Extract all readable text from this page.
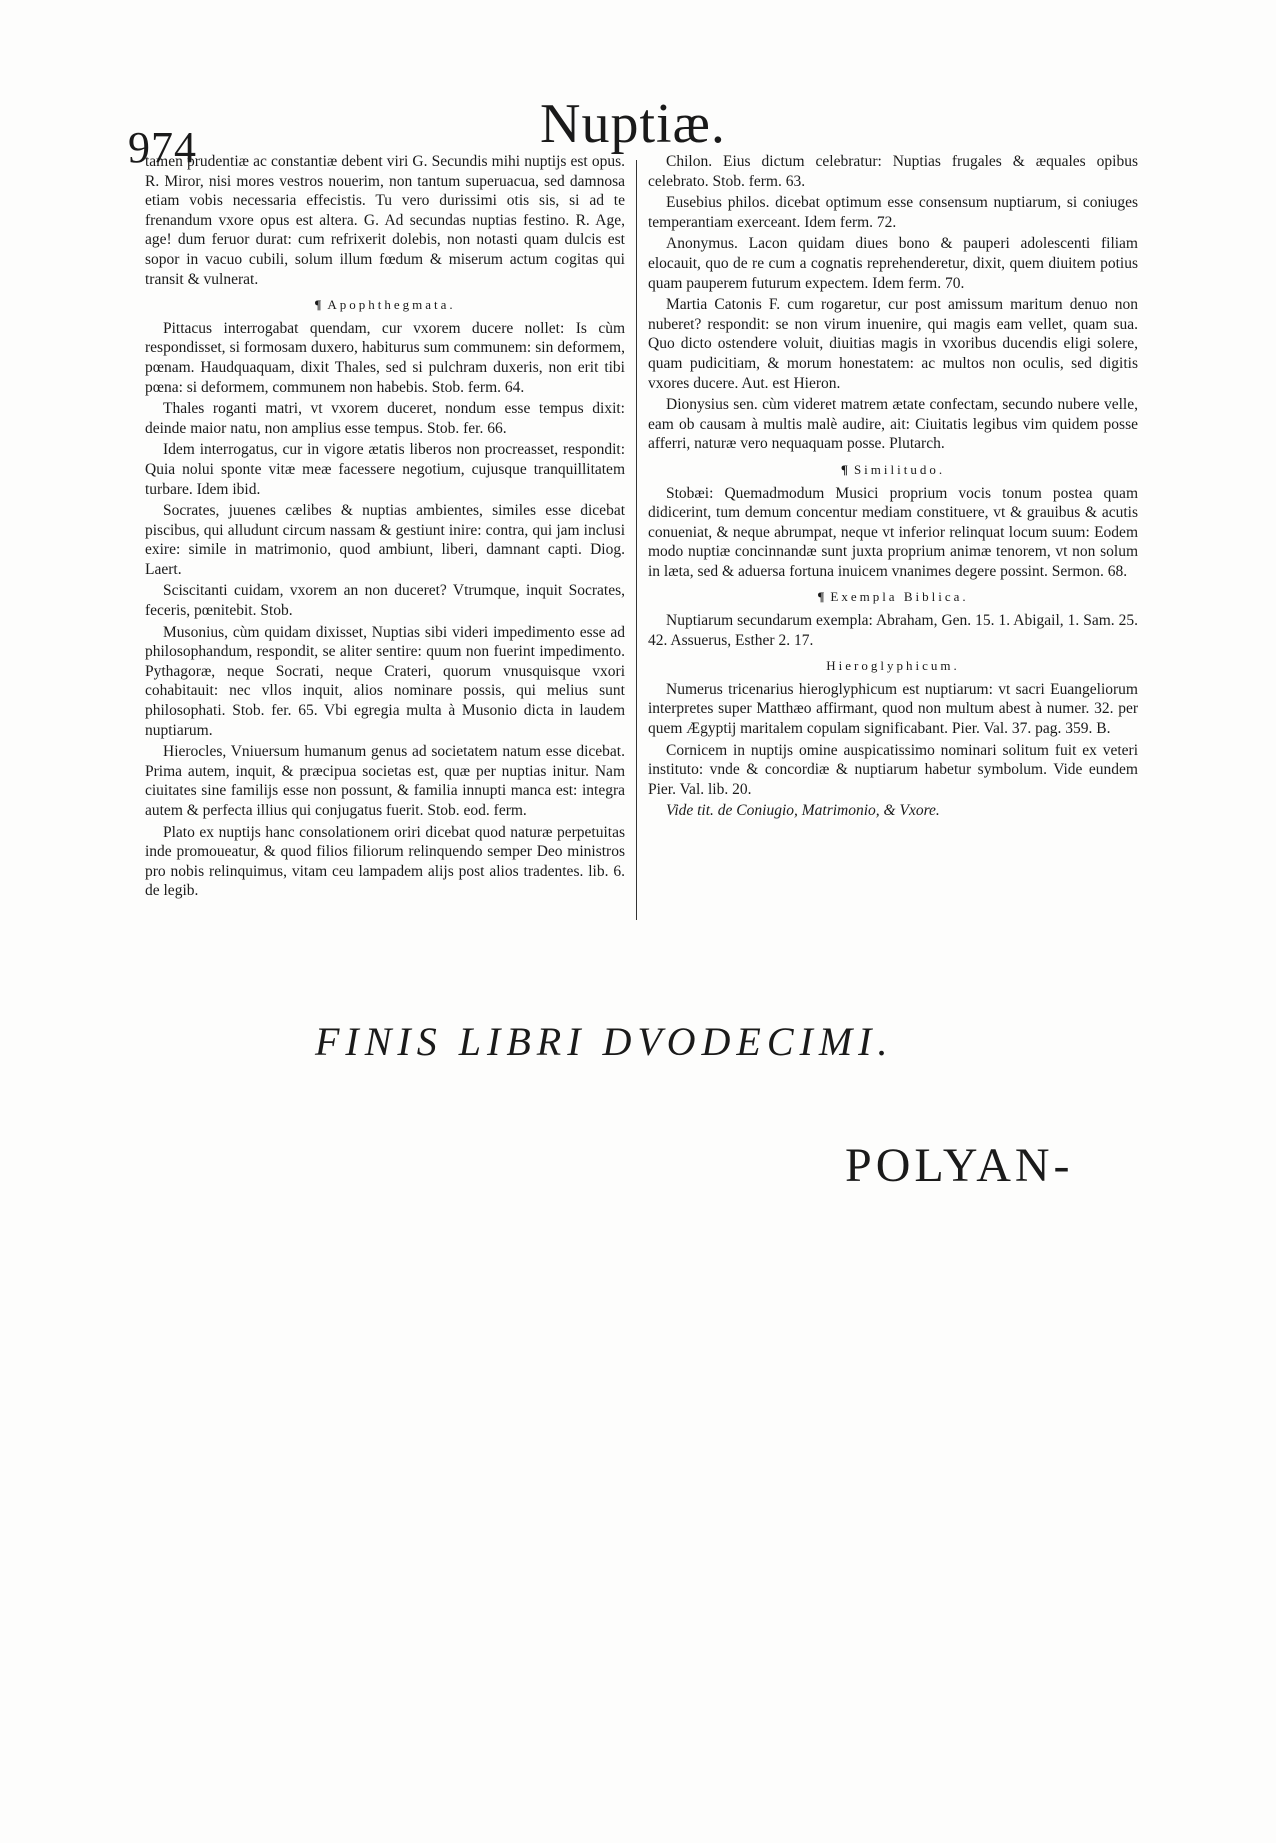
974	Nuptiæ.

tamen prudentiæ ac constantiæ debent viri G. Secundis mihi nuptijs est opus. R. Miror, nisi mores vestros nouerim, non tantum superuacua, sed damnosa etiam vobis necessaria effecistis. Tu vero durissimi otis sis, si ad te frenandum vxore opus est altera. G. Ad secundas nuptias festino. R. Age, age! dum feruor durat: cum refrixerit dolebis, non notasti quam dulcis est sopor in vacuo cubili, solum illum fœdum & miserum actum cogitas qui transit & vulnerat.

¶ Apophthegmata.

Pittacus interrogabat quendam, cur vxorem ducere nollet: Is cùm respondisset, si formosam duxero, habiturus sum communem: sin deformem, pœnam. Haudquaquam, dixit Thales, sed si pulchram duxeris, non erit tibi pœna: si deformem, communem non habebis. Stob. ferm. 64.

Thales roganti matri, vt vxorem duceret, nondum esse tempus dixit: deinde maior natu, non amplius esse tempus. Stob. fer. 66.

Idem interrogatus, cur in vigore ætatis liberos non procreasset, respondit: Quia nolui sponte vitæ meæ facessere negotium, cujusque tranquillitatem turbare. Idem ibid.

Socrates, juuenes cælibes & nuptias ambientes, similes esse dicebat piscibus, qui alludunt circum nassam & gestiunt inire: contra, qui jam inclusi exire: simile in matrimonio, quod ambiunt, liberi, damnant capti. Diog. Laert.

Sciscitanti cuidam, vxorem an non duceret? Vtrumque, inquit Socrates, feceris, pœnitebit. Stob.

Musonius, cùm quidam dixisset, Nuptias sibi videri impedimento esse ad philosophandum, respondit, se aliter sentire: quum non fuerint impedimento. Pythagoræ, neque Socrati, neque Crateri, quorum vnusquisque vxori cohabitauit: nec vllos inquit, alios nominare possis, qui melius sunt philosophati. Stob. fer. 65. Vbi egregia multa à Musonio dicta in laudem nuptiarum.

Hierocles, Vniuersum humanum genus ad societatem natum esse dicebat. Prima autem, inquit, & præcipua societas est, quæ per nuptias initur. Nam ciuitates sine familijs esse non possunt, & familia innupti manca est: integra autem & perfecta illius qui conjugatus fuerit. Stob. eod. ferm.

Plato ex nuptijs hanc consolationem oriri dicebat quod naturæ perpetuitas inde promoueatur, & quod filios filiorum relinquendo semper Deo ministros pro nobis relinquimus, vitam ceu lampadem alijs post alios tradentes. lib. 6. de legib.

Chilon. Eius dictum celebratur: Nuptias frugales & æquales opibus celebrato. Stob. ferm. 63.

Eusebius philos. dicebat optimum esse consensum nuptiarum, si coniuges temperantiam exerceant. Idem ferm. 72.

Anonymus. Lacon quidam diues bono & pauperi adolescenti filiam elocauit, quo de re cum a cognatis reprehenderetur, dixit, quem diuitem potius quam pauperem futurum expectem. Idem ferm. 70.

Martia Catonis F. cum rogaretur, cur post amissum maritum denuo non nuberet? respondit: se non virum inuenire, qui magis eam vellet, quam sua. Quo dicto ostendere voluit, diuitias magis in vxoribus ducendis eligi solere, quam pudicitiam, & morum honestatem: ac multos non oculis, sed digitis vxores ducere. Aut. est Hieron.

Dionysius sen. cùm videret matrem ætate confectam, secundo nubere velle, eam ob causam à multis malè audire, ait: Ciuitatis legibus vim quidem posse afferri, naturæ vero nequaquam posse. Plutarch.

¶ Similitudo.

Stobæi: Quemadmodum Musici proprium vocis tonum postea quam didicerint, tum demum concentur mediam constituere, vt & grauibus & acutis conueniat, & neque abrumpat, neque vt inferior relinquat locum suum: Eodem modo nuptiæ concinnandæ sunt juxta proprium animæ tenorem, vt non solum in læta, sed & aduersa fortuna inuicem vnanimes degere possint. Sermon. 68.

¶ Exempla Biblica.

Nuptiarum secundarum exempla: Abraham, Gen. 15. 1. Abigail, 1. Sam. 25. 42. Assuerus, Esther 2. 17.

Hieroglyphicum.

Numerus tricenarius hieroglyphicum est nuptiarum: vt sacri Euangeliorum interpretes super Matthæo affirmant, quod non multum abest à numer. 32. per quem Ægyptij maritalem copulam significabant. Pier. Val. 37. pag. 359. B.

Cornicem in nuptijs omine auspicatissimo nominari solitum fuit ex veteri instituto: vnde & concordiæ & nuptiarum habetur symbolum. Vide eundem Pier. Val. lib. 20.

Vide tit. de Coniugio, Matrimonio, & Vxore.

FINIS LIBRI DVODECIMI.
POLYAN-
